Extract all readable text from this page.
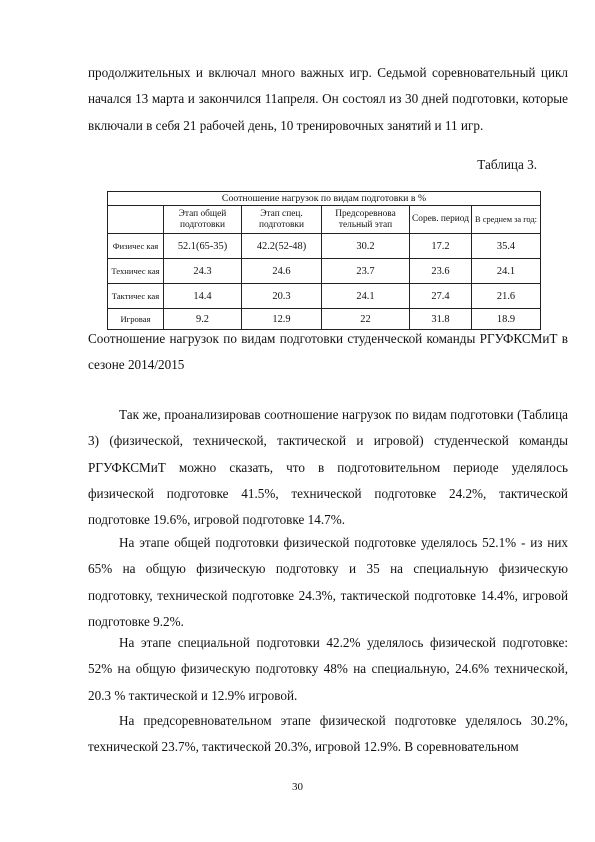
продолжительных и включал много важных игр. Седьмой соревновательный цикл начался 13 марта и закончился 11апреля. Он состоял из 30 дней подготовки, которые включали в себя 21 рабочей день, 10 тренировочных занятий и 11 игр.

Таблица 3.
Соотношение нагрузок по видам подготовки в %					
	Этап общей подготовки	Этап спец. подготовки	Предсоревнова тельный этап	Сорев. период	В среднем за год:
Физичес кая	52.1(65-35)	42.2(52-48)	30.2	17.2	35.4
Техничес кая	24.3	24.6	23.7	23.6	24.1
Тактичес кая	14.4	20.3	24.1	27.4	21.6
Игровая	9.2	12.9	22	31.8	18.9

Соотношение нагрузок по видам подготовки студенческой команды РГУФКСМиТ в сезоне 2014/2015

Так же, проанализировав соотношение нагрузок по видам подготовки (Таблица 3) (физической, технической, тактической и игровой) студенческой команды РГУФКСМиТ можно сказать, что в подготовительном периоде уделялось физической подготовке 41.5%, технической подготовке 24.2%, тактической подготовке 19.6%, игровой подготовке 14.7%.

На этапе общей подготовки физической подготовке уделялось 52.1% - из них 65% на общую физическую подготовку и 35 на специальную физическую подготовку, технической подготовке 24.3%, тактической подготовке 14.4%, игровой подготовке 9.2%.

На этапе специальной подготовки 42.2% уделялось физической подготовке: 52% на общую физическую подготовку 48% на специальную, 24.6% технической, 20.3 % тактической и 12.9% игровой.

На предсоревновательном этапе физической подготовке уделялось 30.2%, технической 23.7%, тактической 20.3%, игровой 12.9%. В соревновательном

30
